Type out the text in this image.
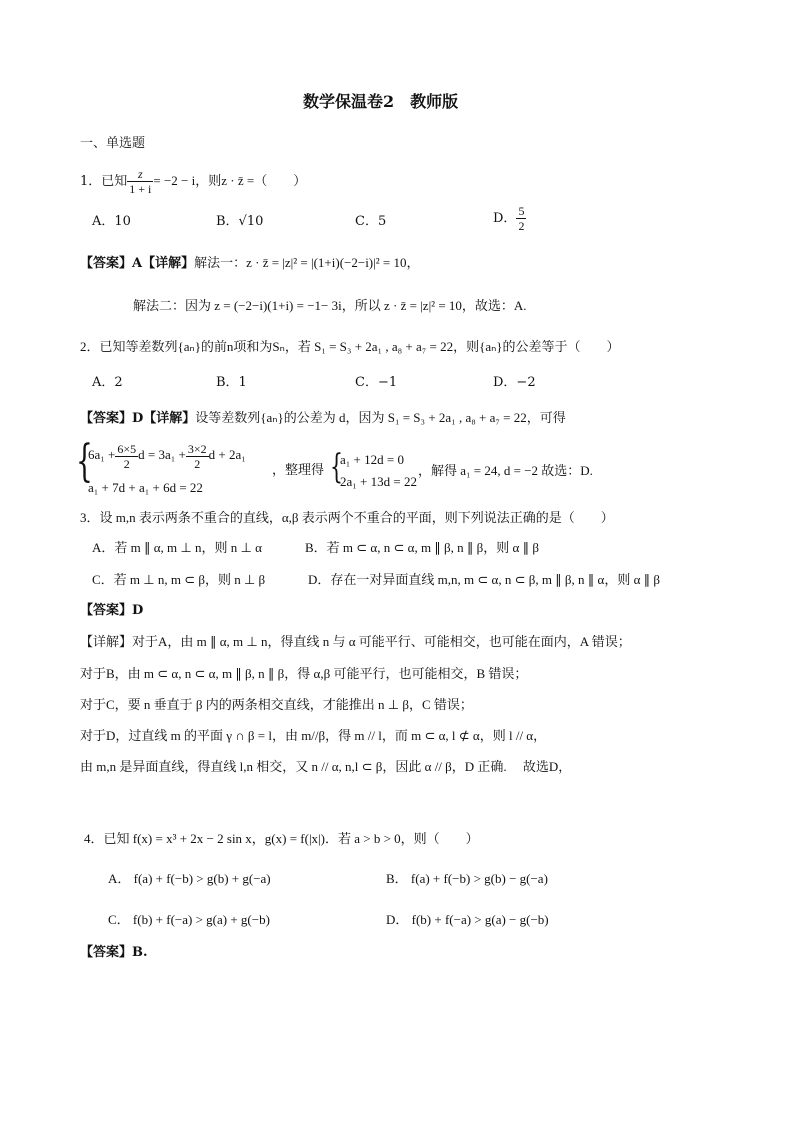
数学保温卷2　教师版
一、单选题
1．已知 $\frac{z}{1 + i} = -2 - i$，则z · z̄ =（　　）
A．10	B．√10	C．5	D． $\frac{5}{2}$
【答案】A【详解】解法一：z · z̄ = |z|² = |(1+i)(−2−i)|² = 10，
解法二：因为 z = (−2−i)(1+i) = −1− 3i，所以 z · z̄ = |z|² = 10，故选：A.
2．已知等差数列{aₙ}的前n项和为Sₙ，若 S₁ = S₃ + 2a₁ , a₈ + a₇ = 22，则{aₙ}的公差等于（　　）
A．2	B．1	C．−1	D．−2
【答案】D【详解】设等差数列{aₙ}的公差为 d，因为 S₁ = S₃ + 2a₁ , a₈ + a₇ = 22，可得
{
$6a_1 + \frac{6\times 5}{2}$ $d = 3a_1 + \frac{3\times 2}{2}$ d + 2a₁
a₁ + 7d + a₁ + 6d = 22
，整理得 {
a₁ + 12d = 0
2a₁ + 13d = 22
，解得 a₁ = 24, d = −2 故选：D.
3．设 m,n 表示两条不重合的直线，α,β 表示两个不重合的平面，则下列说法正确的是（　　）
A．若 m ∥ α, m ⊥ n，则 n ⊥ α	B．若 m ⊂ α, n ⊂ α, m ∥ β, n ∥ β，则 α ∥ β
C．若 m ⊥ n, m ⊂ β，则 n ⊥ β	D．存在一对异面直线 m,n, m ⊂ α, n ⊂ β, m ∥ β, n ∥ α，则 α ∥ β
【答案】D
【详解】对于A，由 m ∥ α, m ⊥ n，得直线 n 与 α 可能平行、可能相交，也可能在面内，A 错误；
对于B，由 m ⊂ α, n ⊂ α, m ∥ β, n ∥ β，得 α,β 可能平行，也可能相交，B 错误；
对于C，要 n 垂直于 β 内的两条相交直线，才能推出 n ⊥ β，C 错误；
对于D，过直线 m 的平面 γ ∩ β = l，由 m//β，得 m // l，而 m ⊂ α, l ⊄ α，则 l // α，
由 m,n 是异面直线，得直线 l,n 相交，又 n // α, n,l ⊂ β，因此 α // β，D 正确.　 故选D，
4．已知 f(x) = x³ + 2x − 2 sin x，g(x) = f(|x|)．若 a > b > 0，则（　　）
A． f(a) + f(−b) > g(b) + g(−a)	B． f(a) + f(−b) > g(b) − g(−a)
C． f(b) + f(−a) > g(a) + g(−b)	D． f(b) + f(−a) > g(a) − g(−b)
【答案】B.
